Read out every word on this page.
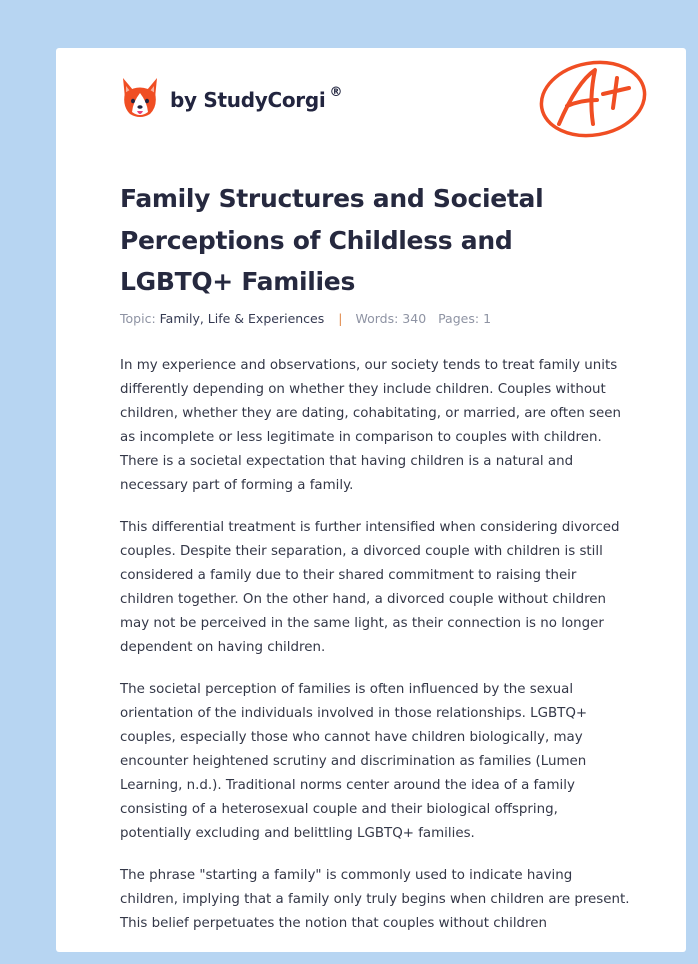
by StudyCorgi ®
Family Structures and Societal Perceptions of Childless and LGBTQ+ Families
Topic: Family, Life & Experiences | Words: 340 Pages: 1

In my experience and observations, our society tends to treat family units differently depending on whether they include children. Couples without children, whether they are dating, cohabitating, or married, are often seen as incomplete or less legitimate in comparison to couples with children. There is a societal expectation that having children is a natural and necessary part of forming a family.

This differential treatment is further intensified when considering divorced couples. Despite their separation, a divorced couple with children is still considered a family due to their shared commitment to raising their children together. On the other hand, a divorced couple without children may not be perceived in the same light, as their connection is no longer dependent on having children.

The societal perception of families is often influenced by the sexual orientation of the individuals involved in those relationships. LGBTQ+ couples, especially those who cannot have children biologically, may encounter heightened scrutiny and discrimination as families (Lumen Learning, n.d.). Traditional norms center around the idea of a family consisting of a heterosexual couple and their biological offspring, potentially excluding and belittling LGBTQ+ families.

The phrase "starting a family" is commonly used to indicate having children, implying that a family only truly begins when children are present. This belief perpetuates the notion that couples without children
